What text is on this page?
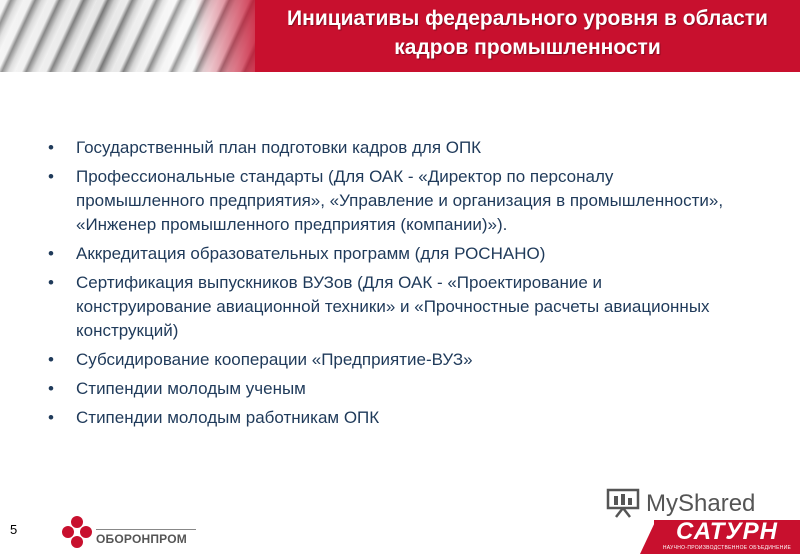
Инициативы федерального уровня в области кадров промышленности
• Государственный план подготовки кадров для ОПК
• Профессиональные стандарты (Для ОАК - «Директор по персоналу промышленного предприятия», «Управление и организация в промышленности», «Инженер промышленного предприятия (компании)»).
• Аккредитация образовательных программ (для РОСНАНО)
• Сертификация выпускников ВУЗов (Для ОАК - «Проектирование и конструирование авиационной техники» и «Прочностные расчеты авиационных конструкций)
• Субсидирование кооперации «Предприятие-ВУЗ»
• Стипендии молодым ученым
• Стипендии молодым работникам ОПК
5
ОБОРОНПРОМ
MyShared
САТУРН
НАУЧНО-ПРОИЗВОДСТВЕННОЕ ОБЪЕДИНЕНИЕ
